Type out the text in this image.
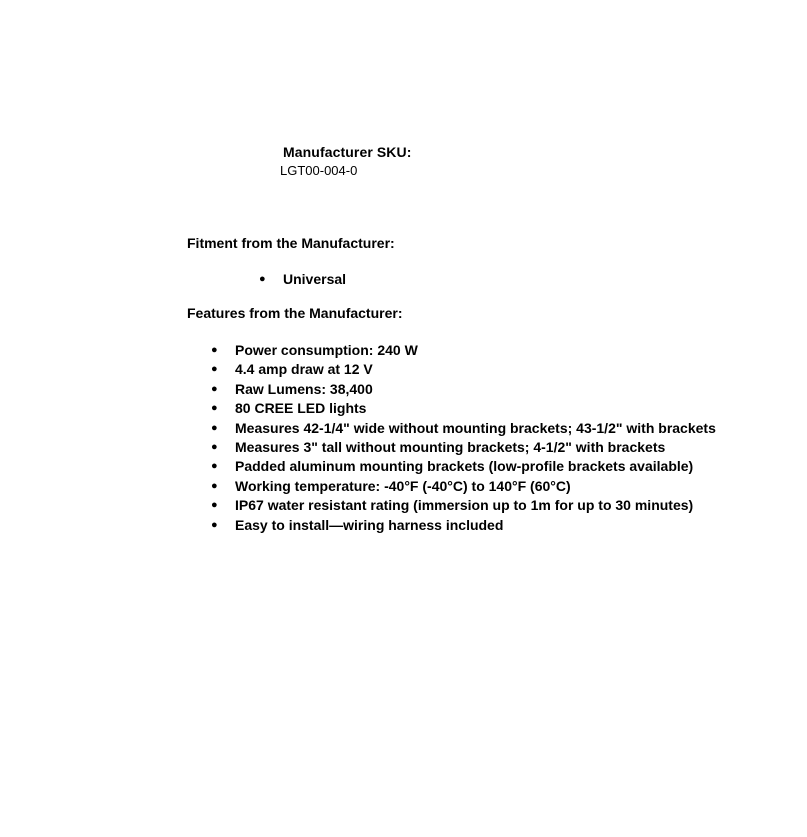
Manufacturer SKU:
LGT00-004-0
Fitment from the Manufacturer:
● Universal
Features from the Manufacturer:
● Power consumption: 240 W
● 4.4 amp draw at 12 V
● Raw Lumens: 38,400
● 80 CREE LED lights
● Measures 42-1/4" wide without mounting brackets; 43-1/2" with brackets
● Measures 3" tall without mounting brackets; 4-1/2" with brackets
● Padded aluminum mounting brackets (low-profile brackets available)
● Working temperature: -40°F (-40°C) to 140°F (60°C)
● IP67 water resistant rating (immersion up to 1m for up to 30 minutes)
● Easy to install—wiring harness included
